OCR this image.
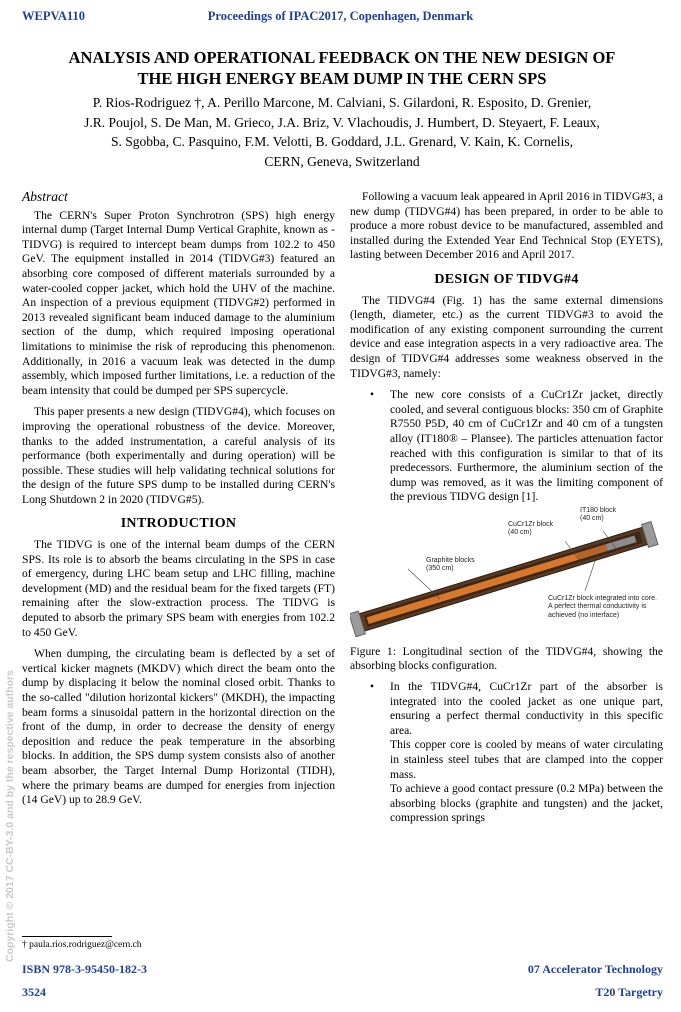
WEPVA110	Proceedings of IPAC2017, Copenhagen, Denmark
ANALYSIS AND OPERATIONAL FEEDBACK ON THE NEW DESIGN OF
THE HIGH ENERGY BEAM DUMP IN THE CERN SPS
P. Rios-Rodriguez †, A. Perillo Marcone, M. Calviani, S. Gilardoni, R. Esposito, D. Grenier,
J.R. Poujol, S. De Man, M. Grieco, J.A. Briz, V. Vlachoudis, J. Humbert, D. Steyaert, F. Leaux,
S. Sgobba, C. Pasquino, F.M. Velotti, B. Goddard, J.L. Grenard, V. Kain, K. Cornelis,
CERN, Geneva, Switzerland
Abstract

The CERN's Super Proton Synchrotron (SPS) high energy internal dump (Target Internal Dump Vertical Graphite, known as -TIDVG) is required to intercept beam dumps from 102.2 to 450 GeV. The equipment installed in 2014 (TIDVG#3) featured an absorbing core composed of different materials surrounded by a water-cooled copper jacket, which hold the UHV of the machine. An inspection of a previous equipment (TIDVG#2) performed in 2013 revealed significant beam induced damage to the aluminium section of the dump, which required imposing operational limitations to minimise the risk of reproducing this phenomenon. Additionally, in 2016 a vacuum leak was detected in the dump assembly, which imposed further limitations, i.e. a reduction of the beam intensity that could be dumped per SPS supercycle.

This paper presents a new design (TIDVG#4), which focuses on improving the operational robustness of the device. Moreover, thanks to the added instrumentation, a careful analysis of its performance (both experimentally and during operation) will be possible. These studies will help validating technical solutions for the design of the future SPS dump to be installed during CERN's Long Shutdown 2 in 2020 (TIDVG#5).

INTRODUCTION

The TIDVG is one of the internal beam dumps of the CERN SPS. Its role is to absorb the beams circulating in the SPS in case of emergency, during LHC beam setup and LHC filling, machine development (MD) and the residual beam for the fixed targets (FT) remaining after the slow-extraction process. The TIDVG is deputed to absorb the primary SPS beam with energies from 102.2 to 450 GeV.

When dumping, the circulating beam is deflected by a set of vertical kicker magnets (MKDV) which direct the beam onto the dump by displacing it below the nominal closed orbit. Thanks to the so-called "dilution horizontal kickers" (MKDH), the impacting beam forms a sinusoidal pattern in the horizontal direction on the front of the dump, in order to decrease the density of energy deposition and reduce the peak temperature in the absorbing blocks. In addition, the SPS dump system consists also of another beam absorber, the Target Internal Dump Horizontal (TIDH), where the primary beams are dumped for energies from injection (14 GeV) up to 28.9 GeV.

Following a vacuum leak appeared in April 2016 in TIDVG#3, a new dump (TIDVG#4) has been prepared, in order to be able to produce a more robust device to be manufactured, assembled and installed during the Extended Year End Technical Stop (EYETS), lasting between December 2016 and April 2017.

DESIGN OF TIDVG#4

The TIDVG#4 (Fig. 1) has the same external dimensions (length, diameter, etc.) as the current TIDVG#3 to avoid the modification of any existing component surrounding the current device and ease integration aspects in a very radioactive area. The design of TIDVG#4 addresses some weakness observed in the TIDVG#3, namely:

• The new core consists of a CuCr1Zr jacket, directly cooled, and several contiguous blocks: 350 cm of Graphite R7550 P5D, 40 cm of CuCr1Zr and 40 cm of a tungsten alloy (IT180® – Plansee). The particles attenuation factor reached with this configuration is similar to that of its predecessors. Furthermore, the aluminium section of the dump was removed, as it was the limiting component of the previous TIDVG design [1].
IT180 block
(40 cm)
CuCr1Zr block
(40 cm)
Graphite blocks
(350 cm)
CuCr1Zr block integrated into core. A perfect thermal conductivity is achieved (no interface)

Figure 1: Longitudinal section of the TIDVG#4, showing the absorbing blocks configuration.

• In the TIDVG#4, CuCr1Zr part of the absorber is integrated into the cooled jacket as one unique part, ensuring a perfect thermal conductivity in this specific area.
This copper core is cooled by means of water circulating in stainless steel tubes that are clamped into the copper mass.
To achieve a good contact pressure (0.2 MPa) between the absorbing blocks (graphite and tungsten) and the jacket, compression springs
† paula.rios.rodriguez@cern.ch
ISBN 978-3-95450-182-3
3524
07 Accelerator Technology
T20 Targetry
Copyright © 2017 CC-BY-3.0 and by the respective authors
